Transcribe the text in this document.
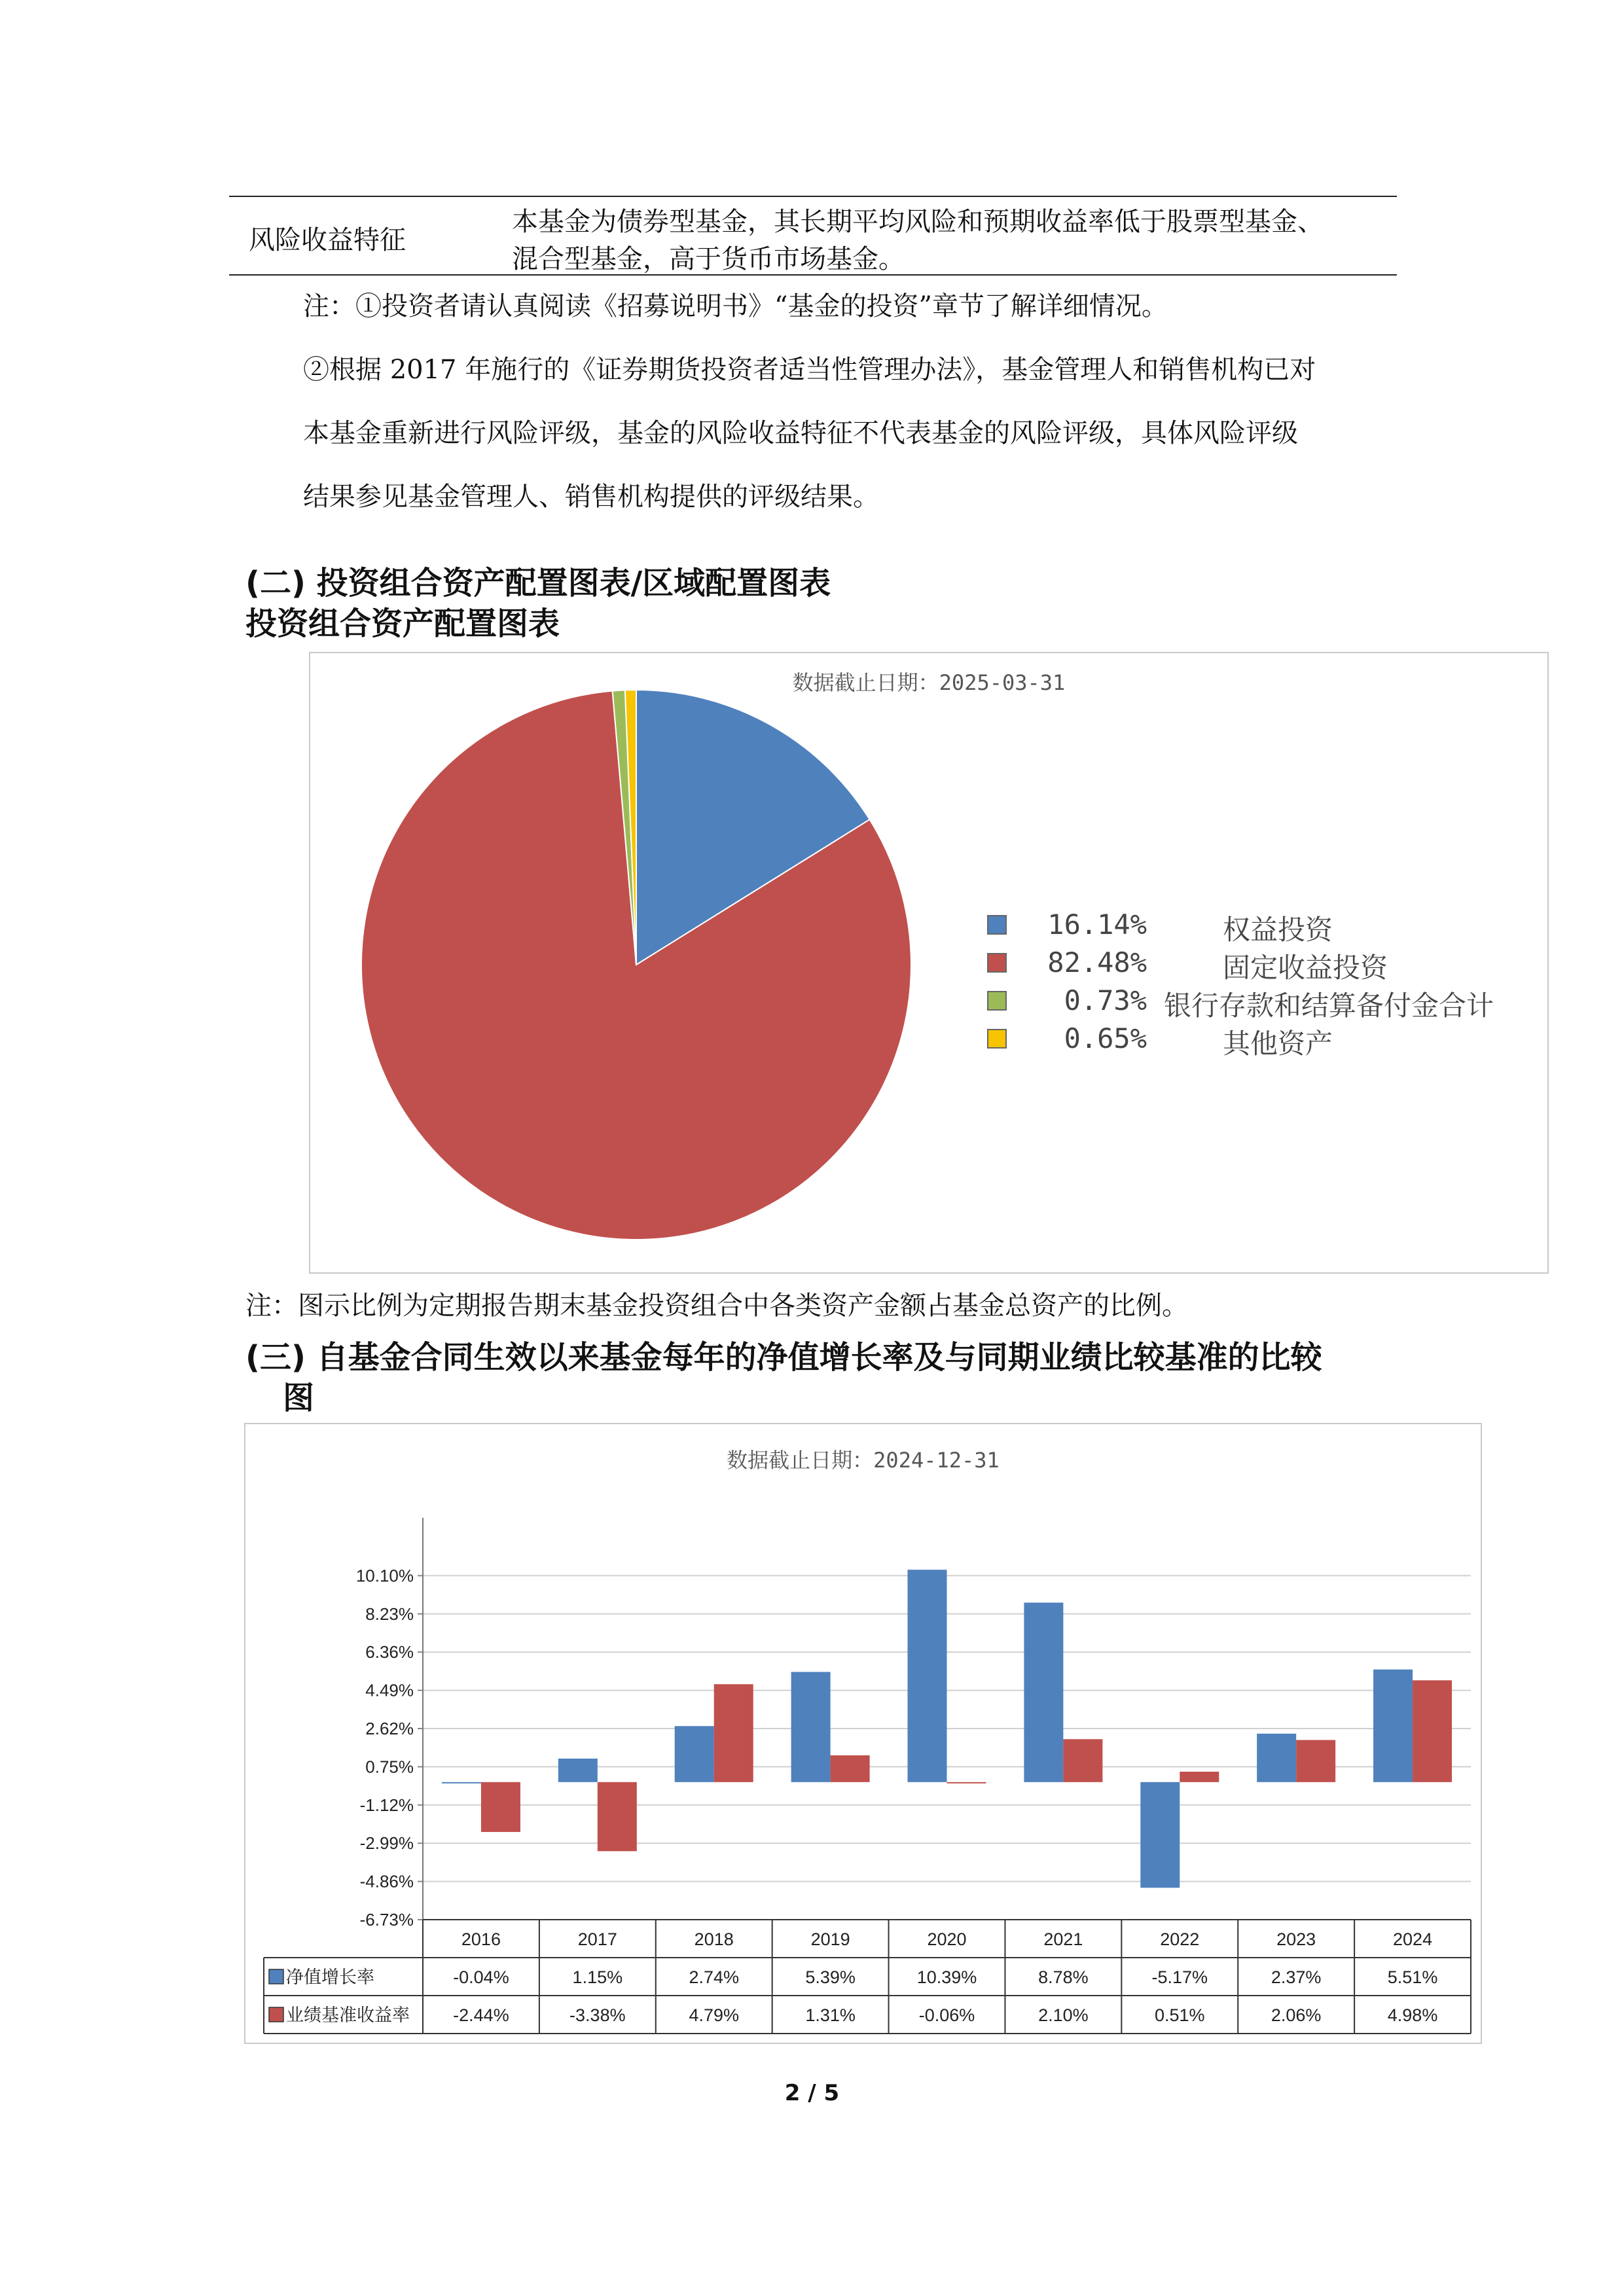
风险收益特征
本基金为债券型基金，其长期平均风险和预期收益率低于股票型基金、
混合型基金，高于货币市场基金。
注：①投资者请认真阅读《招募说明书》“基金的投资”章节了解详细情况。
②根据 2017 年施行的《证券期货投资者适当性管理办法》，基金管理人和销售机构已对
本基金重新进行风险评级，基金的风险收益特征不代表基金的风险评级，具体风险评级
结果参见基金管理人、销售机构提供的评级结果。
(二) 投资组合资产配置图表/区域配置图表
投资组合资产配置图表
数据截止日期：2025-03-31
16.14%	权益投资
82.48%	固定收益投资
0.73% 银行存款和结算备付金合计
0.65%	其他资产
注：图示比例为定期报告期末基金投资组合中各类资产金额占基金总资产的比例。
(三) 自基金合同生效以来基金每年的净值增长率及与同期业绩比较基准的比较
图
数据截止日期：2024-12-31
10.10%
8.23%
6.36%
4.49%
2.62%
0.75%
-1.12%
-2.99%
-4.86%
-6.73%
2016	2017	2018	2019	2020	2021	2022	2023	2024
净值增长率	-0.04%	1.15%	2.74%	5.39%	10.39%	8.78%	-5.17%	2.37%	5.51%
业绩基准收益率 -2.44%	-3.38%	4.79%	1.31%	-0.06%	2.10%	0.51%	2.06%	4.98%
2 / 5
